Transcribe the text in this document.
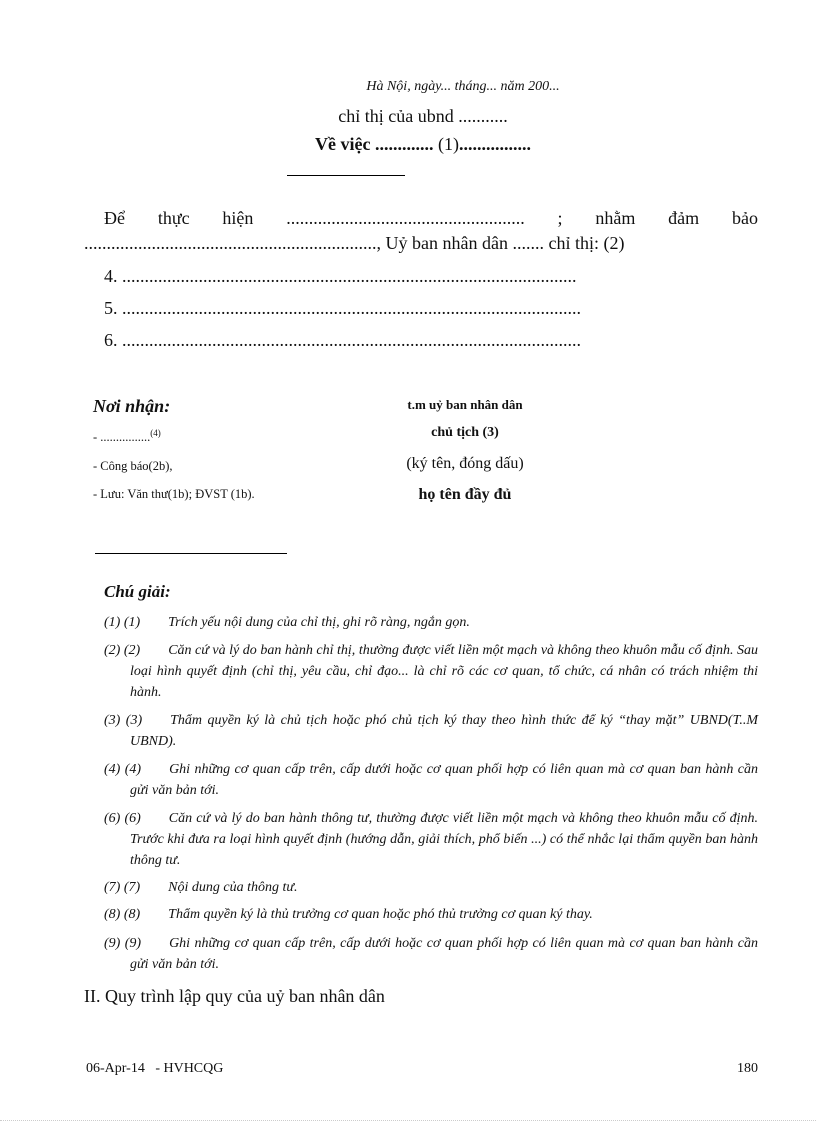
Hà Nội, ngày... tháng... năm 200...
chỉ thị của ubnd ...........
Về việc ............. (1)................
Để thực hiện ..................................................... ; nhằm đảm bảo
................................................................., Uỷ ban nhân dân ....... chỉ thị: (2)
4. .....................................................................................................
5. ......................................................................................................
6. ......................................................................................................
Nơi nhận:
- ................$^{(4)}$
- Công báo(2b),
- Lưu: Văn thư(1b); ĐVST (1b).
t.m uỷ ban nhân dân
chủ tịch (3)
(ký tên, đóng dấu)
họ tên đầy đủ
Chú giải:
(1) (1) Trích yếu nội dung của chỉ thị, ghi rõ ràng, ngắn gọn.
(2) (2) Căn cứ và lý do ban hành chỉ thị, thường được viết liền một mạch và không theo khuôn mẫu cố định. Sau loại hình quyết định (chỉ thị, yêu cầu, chỉ đạo... là chỉ rõ các cơ quan, tổ chức, cá nhân có trách nhiệm thi hành.
(3) (3) Thẩm quyền ký là chủ tịch hoặc phó chủ tịch ký thay theo hình thức để ký “thay mặt” UBND(T..M UBND).
(4) (4) Ghi những cơ quan cấp trên, cấp dưới hoặc cơ quan phối hợp có liên quan mà cơ quan ban hành cần gửi văn bản tới.
(6) (6) Căn cứ và lý do ban hành thông tư, thường được viết liền một mạch và không theo khuôn mẫu cố định. Trước khi đưa ra loại hình quyết định (hướng dẫn, giải thích, phổ biến ...) có thể nhắc lại thẩm quyền ban hành thông tư.
(7) (7) Nội dung của thông tư.
(8) (8) Thẩm quyền ký là thủ trưởng cơ quan hoặc phó thủ trưởng cơ quan ký thay.
(9) (9) Ghi những cơ quan cấp trên, cấp dưới hoặc cơ quan phối hợp có liên quan mà cơ quan ban hành cần gửi văn bản tới.
II. Quy trình lập quy của uỷ ban nhân dân
06-Apr-14   - HVHCQG	180
